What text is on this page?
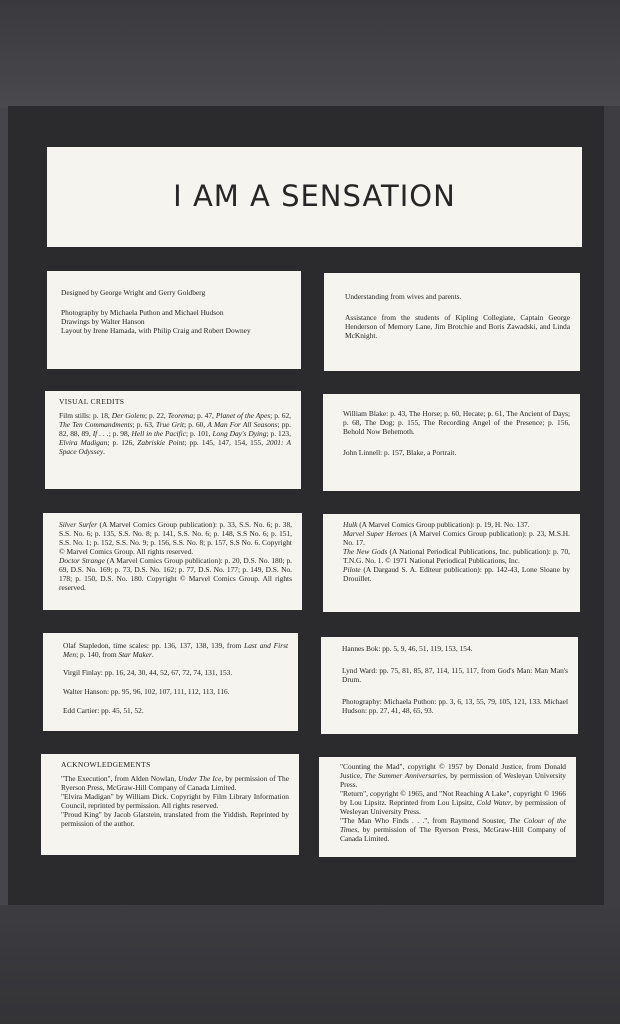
I AM A SENSATION

Designed by George Wright and Gerry Goldberg

Photography by Michaela Puthon and Michael Hudson

Drawings by Walter Hanson

Layout by Irene Hamada, with Philip Craig and Robert Downey

Understanding from wives and parents.

Assistance from the students of Kipling Collegiate, Captain George Henderson of Memory Lane, Jim Brotchie and Boris Zawadski, and Linda McKnight.

VISUAL CREDITS

Film stills: p. 18, Der Golem; p. 22, Teorema; p. 47, Planet of the Apes; p. 62, The Ten Commandments; p. 63, True Grit; p. 60, A Man For All Seasons; pp. 82, 88, 89, If . . .; p. 98, Hell in the Pacific; p. 101, Long Day's Dying; p. 123, Elvira Madigan; p. 126, Zabriskie Point; pp. 145, 147, 154, 155, 2001: A Space Odyssey.

William Blake: p. 43, The Horse; p. 60, Hecate; p. 61, The Ancient of Days; p. 68, The Dog; p. 155, The Recording Angel of the Presence; p. 156, Behold Now Behemoth.

John Linnell: p. 157, Blake, a Portrait.

Silver Surfer (A Marvel Comics Group publication): p. 33, S.S. No. 6; p. 38, S.S. No. 6; p. 135, S.S. No. 8; p. 141, S.S. No. 6; p. 148, S.S No. 6; p. 151, S.S. No. 1; p. 152, S.S. No. 9; p. 156, S.S. No. 8; p. 157, S.S No. 6. Copyright © Marvel Comics Group. All rights reserved.

Doctor Strange (A Marvel Comics Group publication): p. 20, D.S. No. 180; p. 69, D.S. No. 169; p. 73, D.S. No. 162; p. 77, D.S. No. 177; p. 149, D.S. No. 178; p. 150, D.S. No. 180. Copyright © Marvel Comics Group. All rights reserved.

Hulk (A Marvel Comics Group publication): p. 19, H. No. 137.

Marvel Super Heroes (A Marvel Comics Group publication): p. 23, M.S.H. No. 17.

The New Gods (A National Periodical Publications, Inc. publication): p. 70, T.N.G. No. 1. © 1971 National Periodical Publications, Inc.

Pilote (A Dargaud S. A. Editeur publication): pp. 142-43, Lone Sloane by Drouillet.

Olaf Stapledon, time scales: pp. 136, 137, 138, 139, from Last and First Men; p. 140, from Star Maker.

Virgil Finlay: pp. 16, 24, 30, 44, 52, 67, 72, 74, 131, 153.

Walter Hanson: pp. 95, 96, 102, 107, 111, 112, 113, 116.

Edd Cartier: pp. 45, 51, 52.

Hannes Bok: pp. 5, 9, 46, 51, 119, 153, 154.

Lynd Ward: pp. 75, 81, 85, 87, 114, 115, 117, from God's Man: Man Man's Drum.

Photography: Michaela Puthon: pp. 3, 6, 13, 55, 79, 105, 121, 133. Michael Hudson: pp. 27, 41, 48, 65, 93.

ACKNOWLEDGEMENTS

"The Execution", from Alden Nowlan, Under The Ice, by permission of The Ryerson Press, McGraw-Hill Company of Canada Limited.

"Elvira Madigan" by William Dick. Copyright by Film Library Information Council, reprinted by permission. All rights reserved.

"Proud King" by Jacob Glatstein, translated from the Yiddish. Reprinted by permission of the author.

"Counting the Mad", copyright © 1957 by Donald Justice, from Donald Justice, The Summer Anniversaries, by permission of Wesleyan University Press.

"Return", copyright © 1965, and "Not Reaching A Lake", copyright © 1966 by Lou Lipsitz. Reprinted from Lou Lipsitz, Cold Water, by permission of Wesleyan University Press.

"The Man Who Finds . . .", from Raymond Souster, The Colour of the Times, by permission of The Ryerson Press, McGraw-Hill Company of Canada Limited.
